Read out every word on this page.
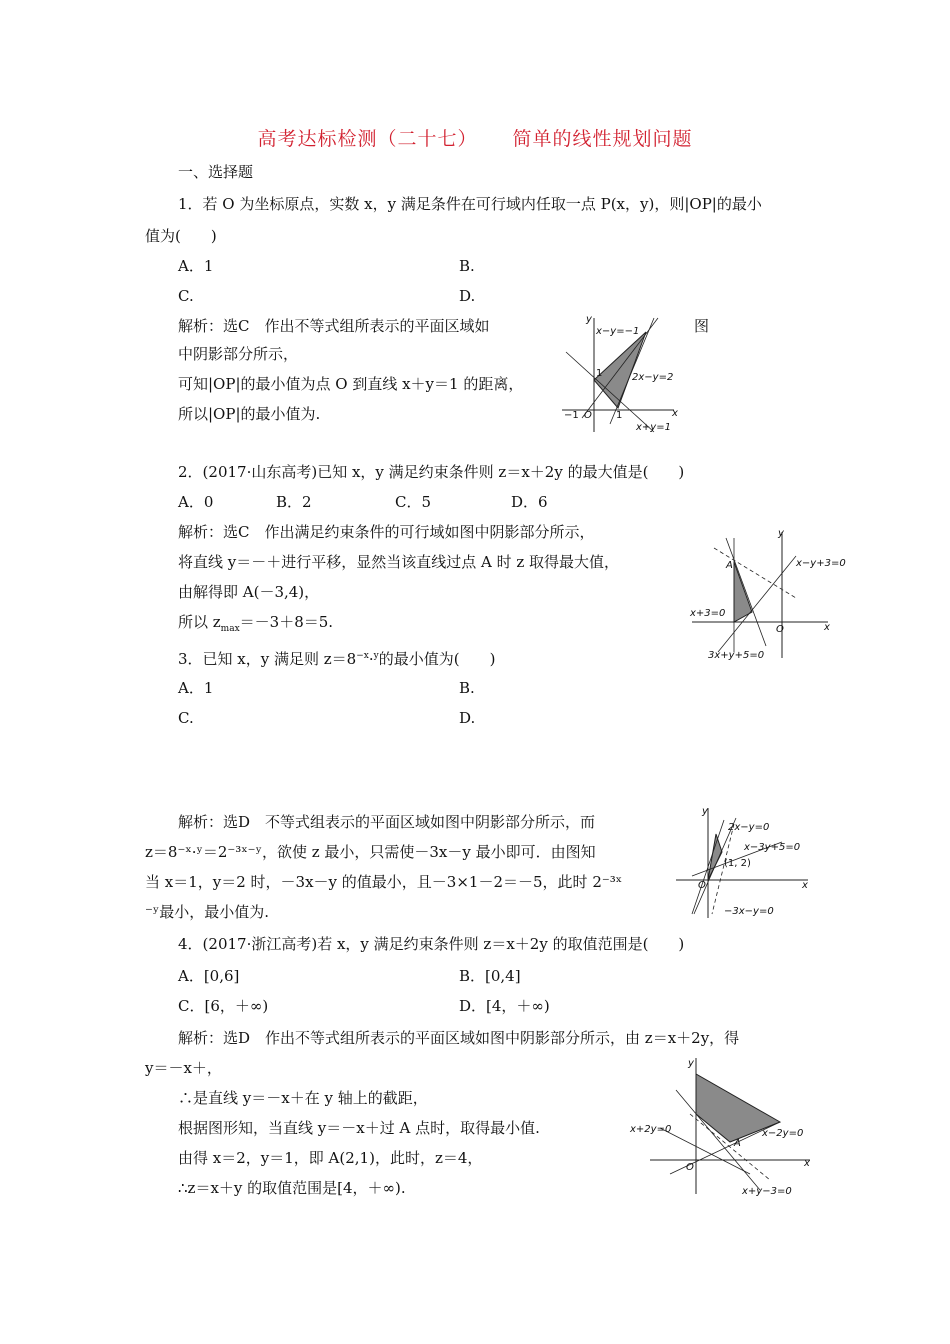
高考达标检测（二十七） 简单的线性规划问题
一、选择题
1．若 O 为坐标原点，实数 x，y 满足条件在可行域内任取一点 P(x，y)，则|OP|的最小
值为(　　)
A．1	B.
C.	D.
解析：选C　作出不等式组所表示的平面区域如	图
中阴影部分所示，
可知|OP|的最小值为点 O 到直线 x＋y＝1 的距离，
所以|OP|的最小值为.
y
x
x−y=−1
2x−y=2
x+y=1
O
1
−1	1
2．(2017·山东高考)已知 x，y 满足约束条件则 z＝x＋2y 的最大值是(　　)
A．0	B．2	C．5	D．6
解析：选C　作出满足约束条件的可行域如图中阴影部分所示，
将直线 y＝－＋进行平移，显然当该直线过点 A 时 z 取得最大值，
由解得即 A(－3,4)，
所以 $z_{max}=-3+8=5$.
y
x
x−y+3=0
x+3=0
3x+y+5=0
A
O
3．已知 x，y 满足则 $z=8^{-x}\cdot^y$的最小值为(　　)
A．1	B.
C.	D.
解析：选D　不等式组表示的平面区域如图中阴影部分所示，而
z＝8⁻ˣ·ʸ＝2⁻³ˣ⁻ʸ，欲使 z 最小，只需使－3x－y 最小即可．由图知
当 x＝1，y＝2 时，－3x－y 的值最小，且－3×1－2＝－5，此时 2⁻³ˣ
⁻ʸ最小，最小值为.
y
x
2x−y=0
x−3y+5=0
−3x−y=0
(1, 2)
O
4．(2017·浙江高考)若 x，y 满足约束条件则 z＝x＋2y 的取值范围是(　　)
A．[0,6]	B．[0,4]
C．[6，＋∞)	D．[4，＋∞)
解析：选D　作出不等式组所表示的平面区域如图中阴影部分所示，由 z＝x＋2y，得
y＝－x＋，
∴是直线 y＝－x＋在 y 轴上的截距，
根据图形知，当直线 y＝－x＋过 A 点时，取得最小值.
由得 x＝2，y＝1，即 A(2,1)，此时，z＝4，
∴z＝x＋y 的取值范围是[4，＋∞).
y
x
x+2y=0	x−2y=0
x+y−3=0
A
O
